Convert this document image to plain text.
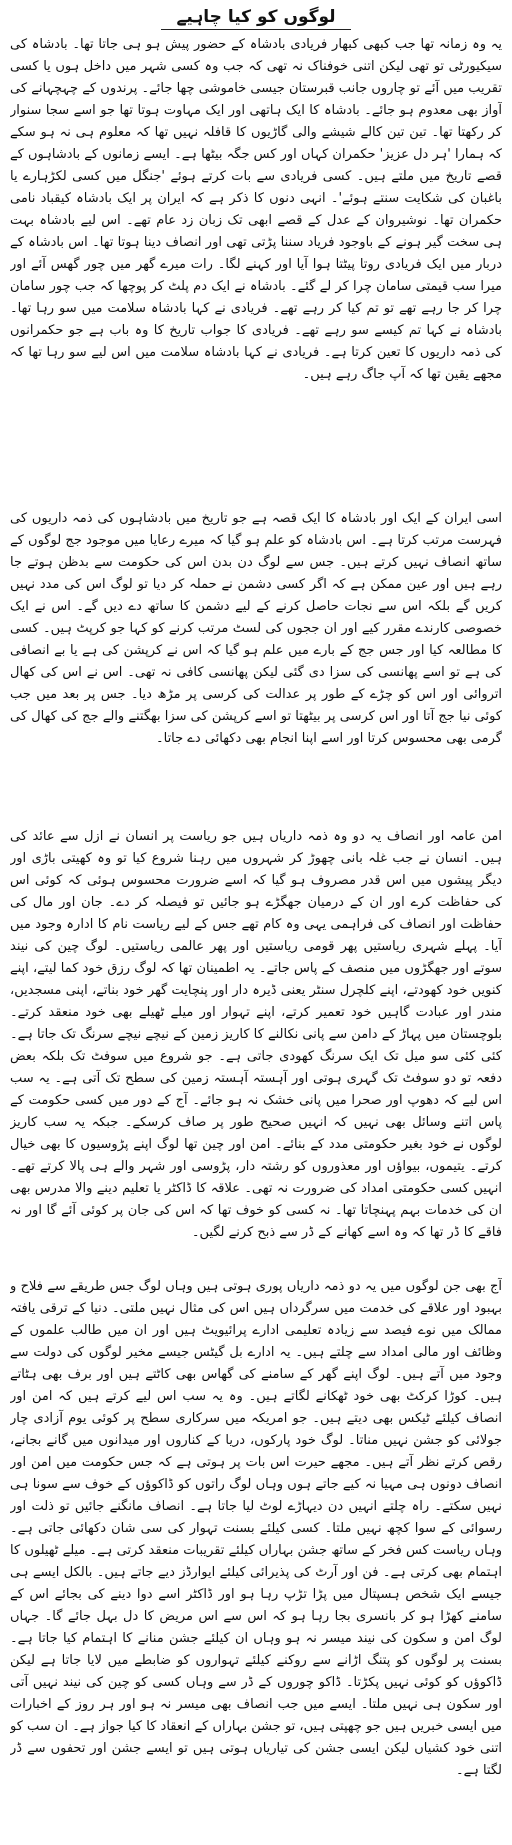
لوگوں کو کیا چاہیے

یہ وہ زمانہ تھا جب کبھی کبھار فریادی بادشاہ کے حضور پیش ہو ہی جاتا تھا۔ بادشاہ کی سیکیورٹی تو تھی لیکن اتنی خوفناک نہ تھی کہ جب وہ کسی شہر میں داخل ہوں یا کسی تقریب میں آئے تو چاروں جانب قبرستان جیسی خاموشی چھا جائے۔ پرندوں کے چہچہانے کی آواز بھی معدوم ہو جائے۔ بادشاہ کا ایک ہاتھی اور ایک مہاوت ہوتا تھا جو اسے سجا سنوار کر رکھتا تھا۔ تین تین کالے شیشے والی گاڑیوں کا قافلہ نہیں تھا کہ معلوم ہی نہ ہو سکے کہ ہمارا 'ہر دل عزیز' حکمران کہاں اور کس جگہ بیٹھا ہے۔ ایسے زمانوں کے بادشاہوں کے قصے تاریخ میں ملتے ہیں۔ کسی فریادی سے بات کرتے ہوئے 'جنگل میں کسی لکڑہارے یا باغبان کی شکایت سنتے ہوئے'۔ انہی دنوں کا ذکر ہے کہ ایران پر ایک بادشاہ کیقباد نامی حکمران تھا۔ نوشیروان کے عدل کے قصے ابھی تک زبان زد عام تھے۔ اس لیے بادشاہ بہت ہی سخت گیر ہونے کے باوجود فریاد سننا پڑتی تھی اور انصاف دینا ہوتا تھا۔ اس بادشاہ کے دربار میں ایک فریادی روتا پیٹتا ہوا آیا اور کہنے لگا۔ رات میرے گھر میں چور گھس آئے اور میرا سب قیمتی سامان چرا کر لے گئے۔ بادشاہ نے ایک دم پلٹ کر پوچھا کہ جب چور سامان چرا کر جا رہے تھے تو تم کیا کر رہے تھے۔ فریادی نے کہا بادشاہ سلامت میں سو رہا تھا۔ بادشاہ نے کہا تم کیسے سو رہے تھے۔ فریادی کا جواب تاریخ کا وہ باب ہے جو حکمرانوں کی ذمہ داریوں کا تعین کرتا ہے۔ فریادی نے کہا بادشاہ سلامت میں اس لیے سو رہا تھا کہ مجھے یقین تھا کہ آپ جاگ رہے ہیں۔

اسی ایران کے ایک اور بادشاہ کا ایک قصہ ہے جو تاریخ میں بادشاہوں کی ذمہ داریوں کی فہرست مرتب کرتا ہے۔ اس بادشاہ کو علم ہو گیا کہ میرے رعایا میں موجود جج لوگوں کے ساتھ انصاف نہیں کرتے ہیں۔ جس سے لوگ دن بدن اس کی حکومت سے بدظن ہوتے جا رہے ہیں اور عین ممکن ہے کہ اگر کسی دشمن نے حملہ کر دیا تو لوگ اس کی مدد نہیں کریں گے بلکہ اس سے نجات حاصل کرنے کے لیے دشمن کا ساتھ دے دیں گے۔ اس نے ایک خصوصی کارندے مقرر کیے اور ان ججوں کی لسٹ مرتب کرنے کو کہا جو کرپٹ ہیں۔ کسی کا مطالعہ کیا اور جس جج کے بارے میں علم ہو گیا کہ اس نے کرپشن کی ہے یا بے انصافی کی ہے تو اسے پھانسی کی سزا دی گئی لیکن پھانسی کافی نہ تھی۔ اس نے اس کی کھال اتروائی اور اس کو چڑے کے طور پر عدالت کی کرسی پر مڑھ دیا۔ جس پر بعد میں جب کوئی نیا جج آتا اور اس کرسی پر بیٹھتا تو اسے کرپشن کی سزا بھگتنے والے جج کی کھال کی گرمی بھی محسوس کرتا اور اسے اپنا انجام بھی دکھائی دے جاتا۔

امن عامہ اور انصاف یہ دو وہ ذمہ داریاں ہیں جو ریاست پر انسان نے ازل سے عائد کی ہیں۔ انسان نے جب غلہ بانی چھوڑ کر شہروں میں رہنا شروع کیا تو وہ کھیتی باڑی اور دیگر پیشوں میں اس قدر مصروف ہو گیا کہ اسے ضرورت محسوس ہوئی کہ کوئی اس کی حفاظت کرے اور ان کے درمیان جھگڑے ہو جائیں تو فیصلہ کر دے۔ جان اور مال کی حفاظت اور انصاف کی فراہمی یہی وہ کام تھے جس کے لیے ریاست نام کا ادارہ وجود میں آیا۔ پہلے شہری ریاستیں پھر قومی ریاستیں اور پھر عالمی ریاستیں۔ لوگ چین کی نیند سوتے اور جھگڑوں میں منصف کے پاس جاتے۔ یہ اطمینان تھا کہ لوگ رزق خود کما لیتے، اپنے کنویں خود کھودتے، اپنے کلچرل سنٹر یعنی ڈیرہ دار اور پنچایت گھر خود بناتے، اپنی مسجدیں، مندر اور عبادت گاہیں خود تعمیر کرتے، اپنے تہوار اور میلے ٹھیلے بھی خود منعقد کرتے۔ بلوچستان میں پہاڑ کے دامن سے پانی نکالنے کا کاریز زمین کے نیچے نیچے سرنگ تک جاتا ہے۔ کئی کئی سو میل تک ایک سرنگ کھودی جاتی ہے۔ جو شروع میں سوفٹ تک بلکہ بعض دفعہ تو دو سوفٹ تک گہری ہوتی اور آہستہ آہستہ زمین کی سطح تک آتی ہے۔ یہ سب اس لیے کہ دھوپ اور صحرا میں پانی خشک نہ ہو جائے۔ آج کے دور میں کسی حکومت کے پاس اتنے وسائل بھی نہیں کہ انہیں صحیح طور پر صاف کرسکے۔ جبکہ یہ سب کاریز لوگوں نے خود بغیر حکومتی مدد کے بنائے۔ امن اور چین تھا لوگ اپنے پڑوسیوں کا بھی خیال کرتے۔ یتیموں، بیواؤں اور معذوروں کو رشتہ دار، پڑوسی اور شہر والے ہی پالا کرتے تھے۔ انہیں کسی حکومتی امداد کی ضرورت نہ تھی۔ علاقہ کا ڈاکٹر یا تعلیم دینے والا مدرس بھی ان کی خدمات بہم پہنچاتا تھا۔ نہ کسی کو خوف تھا کہ اس کی جان پر کوئی آئے گا اور نہ فاقے کا ڈر تھا کہ وہ اسے کھانے کے ڈر سے ذبح کرنے لگیں۔

آج بھی جن لوگوں میں یہ دو ذمہ داریاں پوری ہوتی ہیں وہاں لوگ جس طریقے سے فلاح و بہبود اور علاقے کی خدمت میں سرگرداں ہیں اس کی مثال نہیں ملتی۔ دنیا کے ترقی یافتہ ممالک میں نوے فیصد سے زیادہ تعلیمی ادارے پرائیویٹ ہیں اور ان میں طالب علموں کے وظائف اور مالی امداد سے چلتے ہیں۔ یہ ادارے بل گیٹس جیسے مخیر لوگوں کی دولت سے وجود میں آتے ہیں۔ لوگ اپنے گھر کے سامنے کی گھاس بھی کاٹتے ہیں اور برف بھی ہٹاتے ہیں۔ کوڑا کرکٹ بھی خود ٹھکانے لگاتے ہیں۔ وہ یہ سب اس لیے کرتے ہیں کہ امن اور انصاف کیلئے ٹیکس بھی دیتے ہیں۔ جو امریکہ میں سرکاری سطح پر کوئی یوم آزادی چار جولائی کو جشن نہیں مناتا۔ لوگ خود پارکوں، دریا کے کناروں اور میدانوں میں گانے بجانے، رقص کرتے نظر آتے ہیں۔ مجھے حیرت اس بات پر ہوتی ہے کہ جس حکومت میں امن اور انصاف دونوں ہی مہیا نہ کیے جاتے ہوں وہاں لوگ راتوں کو ڈاکوؤں کے خوف سے سونا ہی نہیں سکتے۔ راہ چلتے انہیں دن دیہاڑے لوٹ لیا جاتا ہے۔ انصاف مانگنے جائیں تو ذلت اور رسوائی کے سوا کچھ نہیں ملتا۔ کسی کیلئے بسنت تہوار کی سی شان دکھائی جاتی ہے۔ وہاں ریاست کس فخر کے ساتھ جشن بہاراں کیلئے تقریبات منعقد کرتی ہے۔ میلے ٹھیلوں کا اہتمام بھی کرتی ہے۔ فن اور آرٹ کی پذیرائی کیلئے ایوارڈز دیے جاتے ہیں۔ بالکل ایسے ہی جیسے ایک شخص ہسپتال میں پڑا تڑپ رہا ہو اور ڈاکٹر اسے دوا دینے کی بجائے اس کے سامنے کھڑا ہو کر بانسری بجا رہا ہو کہ اس سے اس مریض کا دل بہل جائے گا۔ جہاں لوگ امن و سکون کی نیند میسر نہ ہو وہاں ان کیلئے جشن منانے کا اہتمام کیا جاتا ہے۔ بسنت پر لوگوں کو پتنگ اڑانے سے روکنے کیلئے تہواروں کو ضابطے میں لایا جاتا ہے لیکن ڈاکوؤں کو کوئی نہیں پکڑتا۔ ڈاکو چوروں کے ڈر سے وہاں کسی کو چین کی نیند نہیں آتی اور سکون ہی نہیں ملتا۔ ایسے میں جب انصاف بھی میسر نہ ہو اور ہر روز کے اخبارات میں ایسی خبریں ہیں جو چھپتی ہیں، تو جشن بہاراں کے انعقاد کا کیا جواز ہے۔ ان سب کو اتنی خود کشیاں لیکن ایسی جشن کی تیاریاں ہوتی ہیں تو ایسے جشن اور تحفوں سے ڈر لگتا ہے۔
